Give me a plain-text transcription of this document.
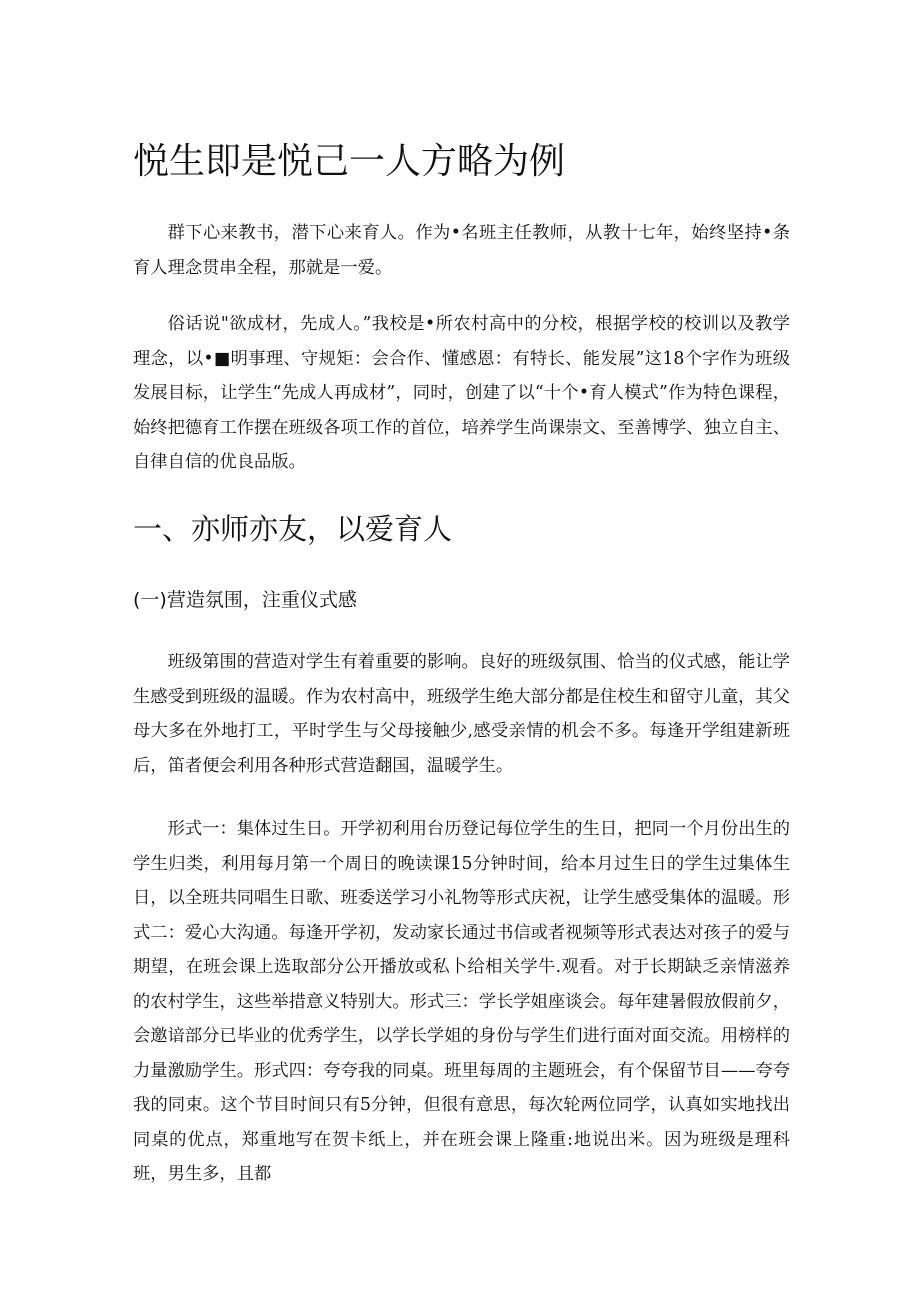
悦生即是悦己一人方略为例

群下心来教书，潜下心来育人。作为•名班主任教师，从教十七年，始终坚持•条育人理念贯串全程，那就是一爱。

俗话说"欲成材，先成人。”我校是•所农村高中的分校，根据学校的校训以及教学理念，以•■明事理、守规矩：会合作、懂感恩：有特长、能发展”这18个字作为班级发展目标，让学生“先成人再成材”，同时，创建了以“十个•育人模式”作为特色课程，始终把德育工作摆在班级各项工作的首位，培养学生尚课崇文、至善博学、独立自主、自律自信的优良品版。

一、亦师亦友，以爱育人
(一)营造氛围，注重仪式感

班级第围的营造对学生有着重要的影响。良好的班级氛围、恰当的仪式感，能让学生感受到班级的温暖。作为农村高中，班级学生绝大部分都是住校生和留守儿童，其父母大多在外地打工，平时学生与父母接触少,感受亲情的机会不多。每逢开学组建新班后，笛者便会利用各种形式营造翻国，温暖学生。

形式一：集体过生日。开学初利用台历登记每位学生的生日，把同一个月份出生的学生归类，利用每月第一个周日的晚读课15分钟时间，给本月过生日的学生过集体生日，以全班共同唱生日歌、班委送学习小礼物等形式庆祝，让学生感受集体的温暖。形式二：爱心大沟通。每逢开学初，发动家长通过书信或者视频等形式表达对孩子的爱与期望，在班会课上选取部分公开播放或私卜给相关学牛.观看。对于长期缺乏亲情滋养的农村学生，这些举措意义特别大。形式三：学长学姐座谈会。每年建暑假放假前夕，会邀谙部分已毕业的优秀学生，以学长学姐的身份与学生们进行面对面交流。用榜样的力量激励学生。形式四：夸夸我的同桌。班里每周的主题班会，有个保留节目——夸夸我的同束。这个节目时间只有5分钟，但很有意思，每次轮两位同学，认真如实地找出同桌的优点，郑重地写在贺卡纸上，并在班会课上隆重:地说出米。因为班级是理科班，男生多，且都
